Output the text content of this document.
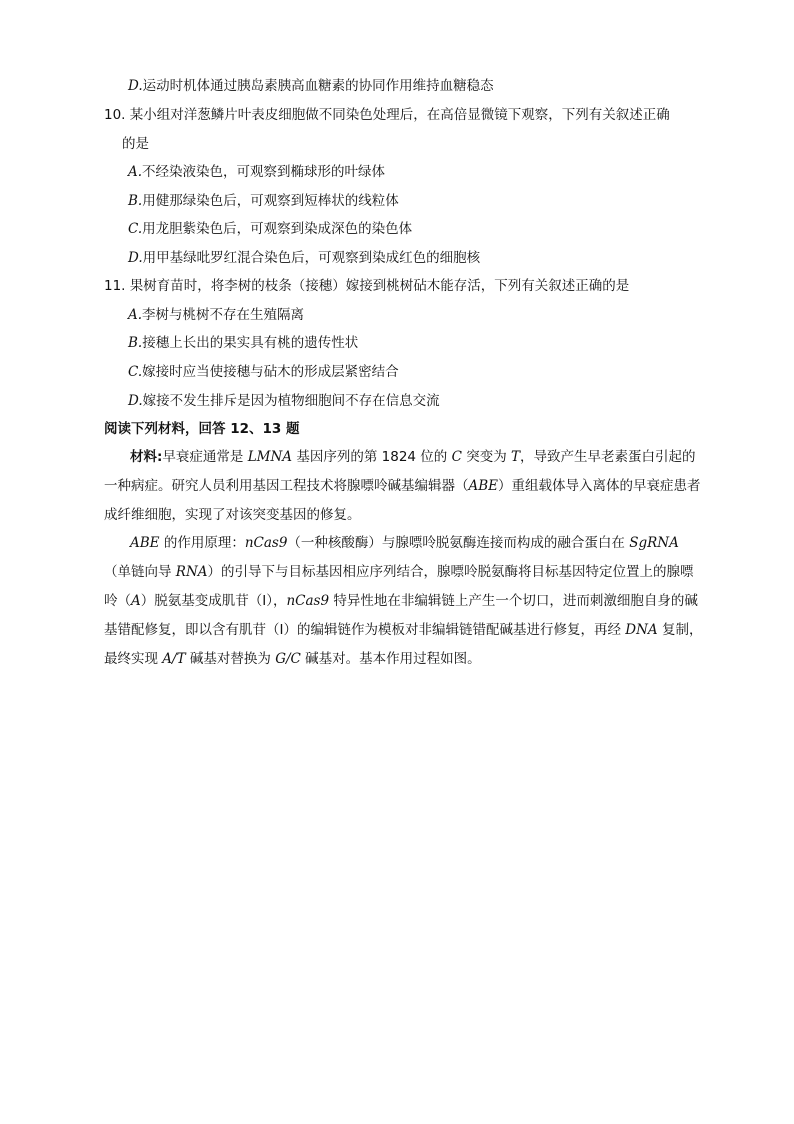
D.运动时机体通过胰岛素胰高血糖素的协同作用维持血糖稳态
10. 某小组对洋葱鳞片叶表皮细胞做不同染色处理后，在高倍显微镜下观察，下列有关叙述正确
的是
A.不经染液染色，可观察到椭球形的叶绿体
B.用健那绿染色后，可观察到短棒状的线粒体
C.用龙胆紫染色后，可观察到染成深色的染色体
D.用甲基绿吡罗红混合染色后，可观察到染成红色的细胞核
11. 果树育苗时，将李树的枝条（接穗）嫁接到桃树砧木能存活，下列有关叙述正确的是
A.李树与桃树不存在生殖隔离
B.接穗上长出的果实具有桃的遗传性状
C.嫁接时应当使接穗与砧木的形成层紧密结合
D.嫁接不发生排斥是因为植物细胞间不存在信息交流
阅读下列材料，回答 12、13 题
材料:早衰症通常是 LMNA 基因序列的第 1824 位的 C 突变为 T，导致产生早老素蛋白引起的一种病症。研究人员利用基因工程技术将腺嘌呤碱基编辑器（ABE）重组载体导入离体的早衰症患者成纤维细胞，实现了对该突变基因的修复。
ABE 的作用原理：nCas9（一种核酸酶）与腺嘌呤脱氨酶连接而构成的融合蛋白在 SgRNA（单链向导 RNA）的引导下与目标基因相应序列结合，腺嘌呤脱氨酶将目标基因特定位置上的腺嘌呤（A）脱氨基变成肌苷（I），nCas9 特异性地在非编辑链上产生一个切口，进而刺激细胞自身的碱基错配修复，即以含有肌苷（I）的编辑链作为模板对非编辑链错配碱基进行修复，再经 DNA 复制，最终实现 A/T 碱基对替换为 G/C 碱基对。基本作用过程如图。
